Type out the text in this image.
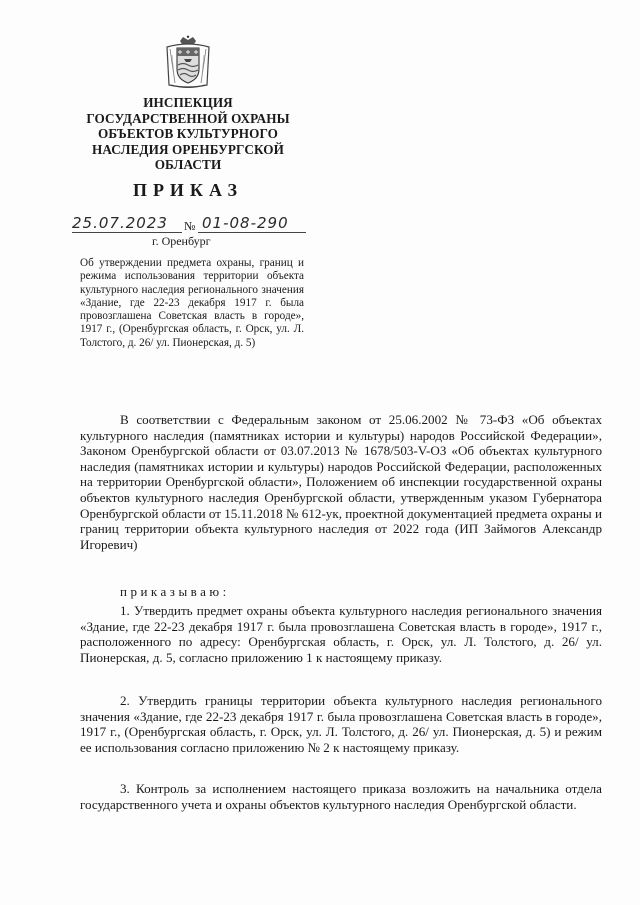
ИНСПЕКЦИЯ
ГОСУДАРСТВЕННОЙ ОХРАНЫ
ОБЪЕКТОВ КУЛЬТУРНОГО
НАСЛЕДИЯ ОРЕНБУРГСКОЙ
ОБЛАСТИ
ПРИКАЗ
25.07.2023 № 01-08-290
г. Оренбург
Об утверждении предмета охраны, границ и режима использования территории объекта культурного наследия регионального значения «Здание, где 22-23 декабря 1917 г. была провозглашена Советская власть в городе», 1917 г., (Оренбургская область, г. Орск, ул. Л. Толстого, д. 26/ ул. Пионерская, д. 5)
В соответствии с Федеральным законом от 25.06.2002 № 73-ФЗ «Об объектах культурного наследия (памятниках истории и культуры) народов Российской Федерации», Законом Оренбургской области от 03.07.2013 № 1678/503-V-ОЗ «Об объектах культурного наследия (памятниках истории и культуры) народов Российской Федерации, расположенных на территории Оренбургской области», Положением об инспекции государственной охраны объектов культурного наследия Оренбургской области, утвержденным указом Губернатора Оренбургской области от 15.11.2018 № 612-ук, проектной документацией предмета охраны и границ территории объекта культурного наследия от 2022 года (ИП Займогов Александр Игоревич)
приказываю:
1. Утвердить предмет охраны объекта культурного наследия регионального значения «Здание, где 22-23 декабря 1917 г. была провозглашена Советская власть в городе», 1917 г., расположенного по адресу: Оренбургская область, г. Орск, ул. Л. Толстого, д. 26/ ул. Пионерская, д. 5, согласно приложению 1 к настоящему приказу.
2. Утвердить границы территории объекта культурного наследия регионального значения «Здание, где 22-23 декабря 1917 г. была провозглашена Советская власть в городе», 1917 г., (Оренбургская область, г. Орск, ул. Л. Толстого, д. 26/ ул. Пионерская, д. 5) и режим ее использования согласно приложению № 2 к настоящему приказу.
3. Контроль за исполнением настоящего приказа возложить на начальника отдела государственного учета и охраны объектов культурного наследия Оренбургской области.
